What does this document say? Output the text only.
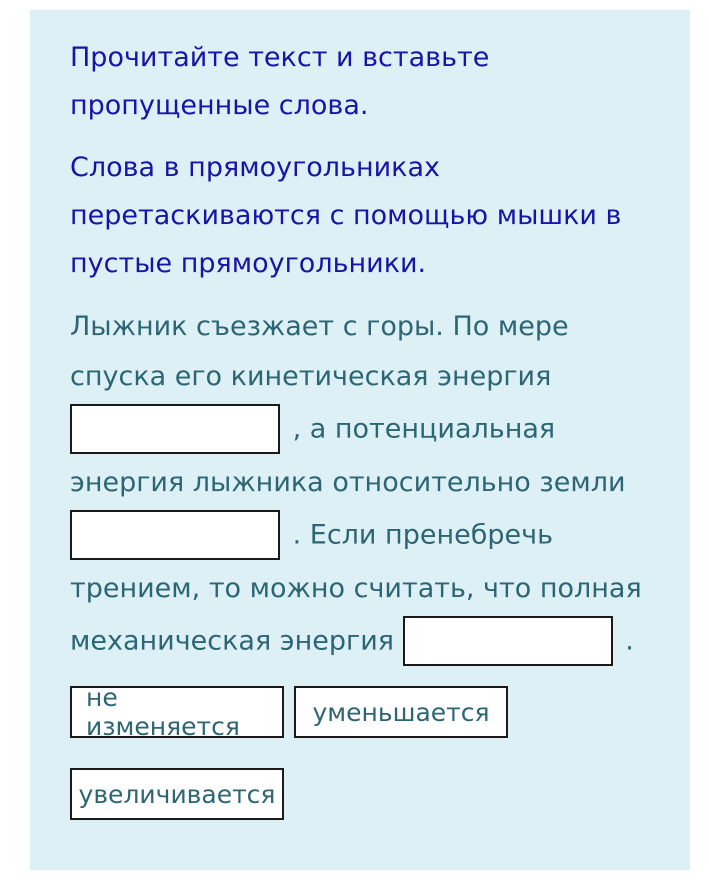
Прочитайте текст и вставьте пропущенные слова.

Слова в прямоугольниках перетаскиваются с помощью мышки в пустые прямоугольники.

Лыжник съезжает с горы. По мере спуска его кинетическая энергия
, а потенциальная энергия лыжника относительно земли
. Если пренебречь трением, то можно считать, что полная механическая энергия	.

не изменяется	уменьшается
увеличивается
